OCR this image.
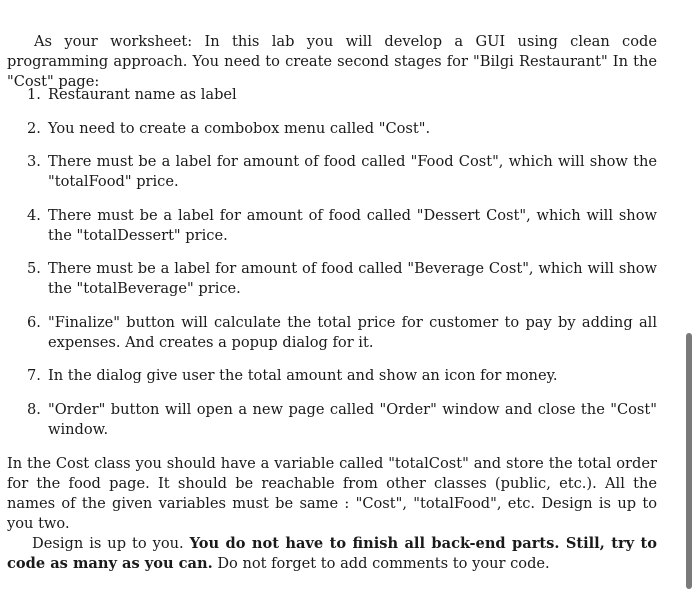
As your worksheet: In this lab you will develop a GUI using clean code programming approach. You need to create second stages for "Bilgi Restaurant" In the "Cost" page:

1. Restaurant name as label
2. You need to create a combobox menu called "Cost".
3. There must be a label for amount of food called "Food Cost", which will show the "totalFood" price.
4. There must be a label for amount of food called "Dessert Cost", which will show the "totalDessert" price.
5. There must be a label for amount of food called "Beverage Cost", which will show the "totalBeverage" price.
6. "Finalize" button will calculate the total price for customer to pay by adding all expenses. And creates a popup dialog for it.
7. In the dialog give user the total amount and show an icon for money.
8. "Order" button will open a new page called "Order" window and close the "Cost" window.
In the Cost class you should have a variable called "totalCost" and store the total order for the food page. It should be reachable from other classes (public, etc.). All the names of the given variables must be same : "Cost", "totalFood", etc. Design is up to you two.
Design is up to you. You do not have to finish all back-end parts. Still, try to code as many as you can. Do not forget to add comments to your code.
